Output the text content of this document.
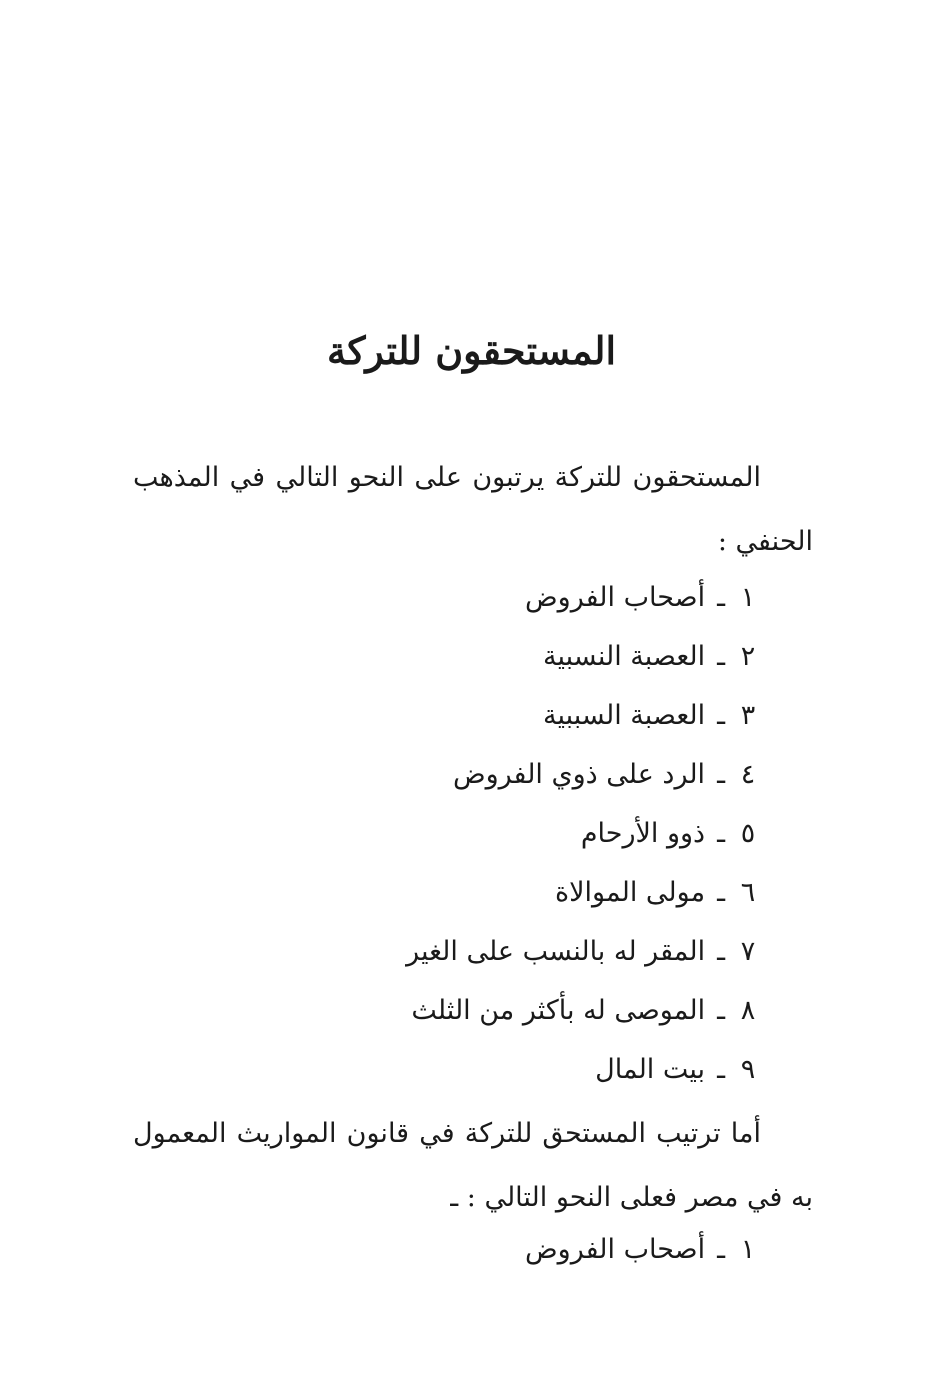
المستحقون للتركة

المستحقون للتركة يرتبون على النحو التالي في المذهب
الحنفي :

١ـأصحاب الفروض
٢ـالعصبة النسبية
٣ـالعصبة السببية
٤ـالرد على ذوي الفروض
٥ـذوو الأرحام
٦ـمولى الموالاة
٧ـالمقر له بالنسب على الغير
٨ـالموصى له بأكثر من الثلث
٩ـبيت المال

أما ترتيب المستحق للتركة في قانون المواريث المعمول
به في مصر فعلى النحو التالي : ـ

١ـأصحاب الفروض
